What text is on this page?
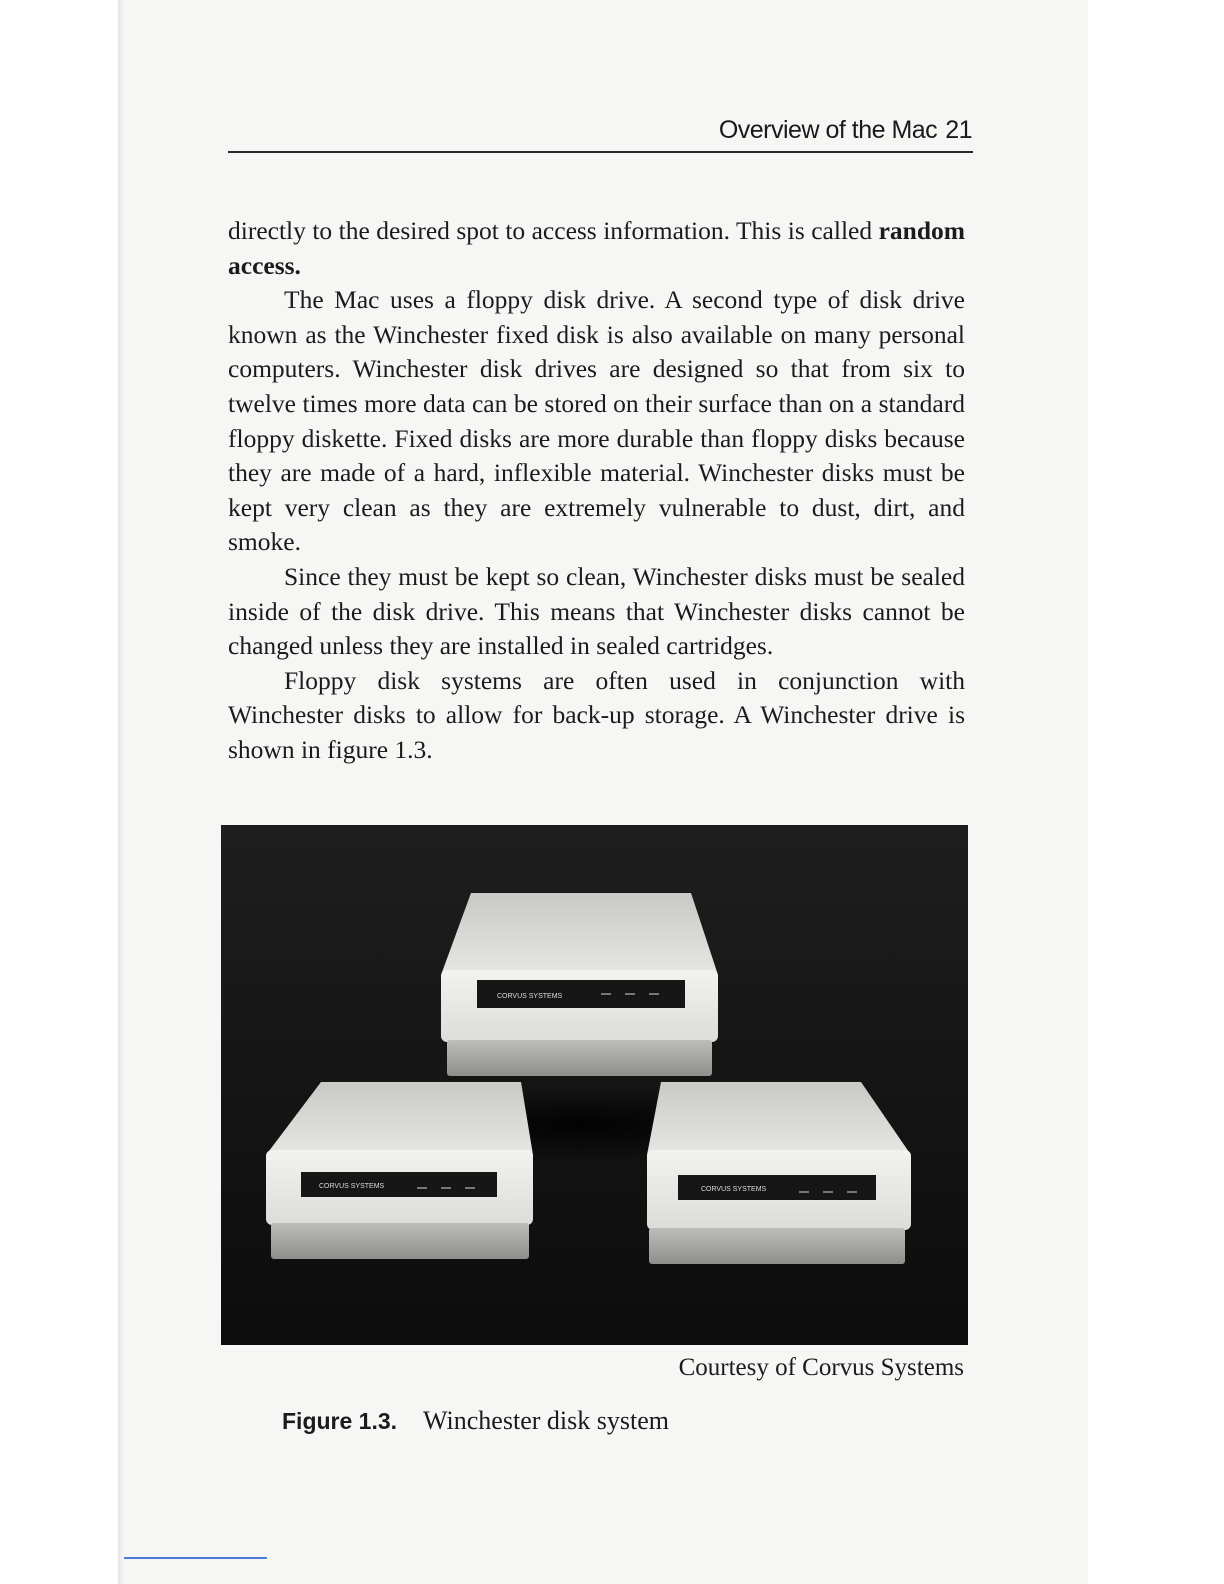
Overview of the Mac 21

directly to the desired spot to access information. This is called random access.

The Mac uses a floppy disk drive. A second type of disk drive known as the Winchester fixed disk is also available on many personal computers. Winchester disk drives are designed so that from six to twelve times more data can be stored on their surface than on a standard floppy diskette. Fixed disks are more durable than floppy disks because they are made of a hard, inflexible material. Winchester disks must be kept very clean as they are extremely vulnerable to dust, dirt, and smoke.

Since they must be kept so clean, Winchester disks must be sealed inside of the disk drive. This means that Winchester disks cannot be changed unless they are installed in sealed cartridges.

Floppy disk systems are often used in conjunction with Winchester disks to allow for back-up storage. A Winchester drive is shown in figure 1.3.

CORVUS SYSTEMS
CORVUS SYSTEMS	CORVUS SYSTEMS
Courtesy of Corvus Systems
Figure 1.3. Winchester disk system
